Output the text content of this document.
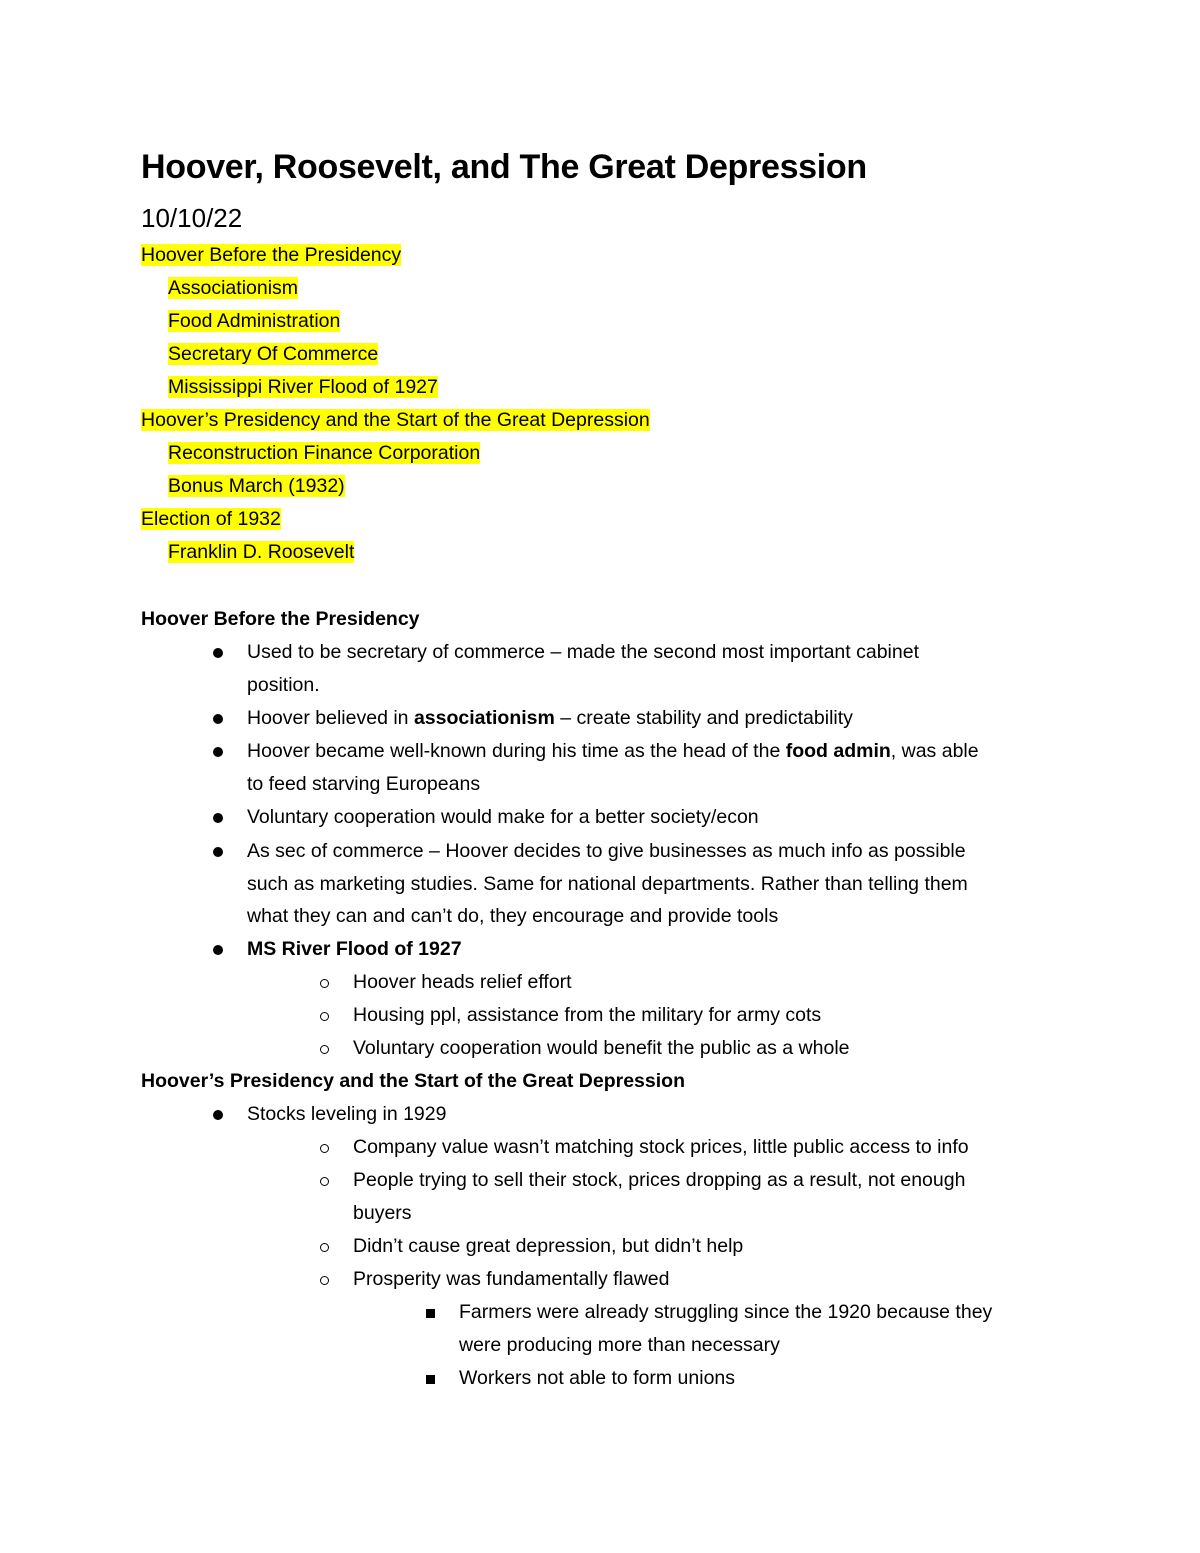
Hoover, Roosevelt, and The Great Depression
10/10/22
Hoover Before the Presidency
Associationism
Food Administration
Secretary Of Commerce
Mississippi River Flood of 1927
Hoover’s Presidency and the Start of the Great Depression
Reconstruction Finance Corporation
Bonus March (1932)
Election of 1932
Franklin D. Roosevelt
Hoover Before the Presidency
Used to be secretary of commerce – made the second most important cabinet
position.
Hoover believed in associationism – create stability and predictability
Hoover became well-known during his time as the head of the food admin, was able
to feed starving Europeans
Voluntary cooperation would make for a better society/econ
As sec of commerce – Hoover decides to give businesses as much info as possible
such as marketing studies. Same for national departments. Rather than telling them
what they can and can’t do, they encourage and provide tools
MS River Flood of 1927
Hoover heads relief effort
Housing ppl, assistance from the military for army cots
Voluntary cooperation would benefit the public as a whole
Hoover’s Presidency and the Start of the Great Depression
Stocks leveling in 1929
Company value wasn’t matching stock prices, little public access to info
People trying to sell their stock, prices dropping as a result, not enough
buyers
Didn’t cause great depression, but didn’t help
Prosperity was fundamentally flawed
Farmers were already struggling since the 1920 because they
were producing more than necessary
Workers not able to form unions
